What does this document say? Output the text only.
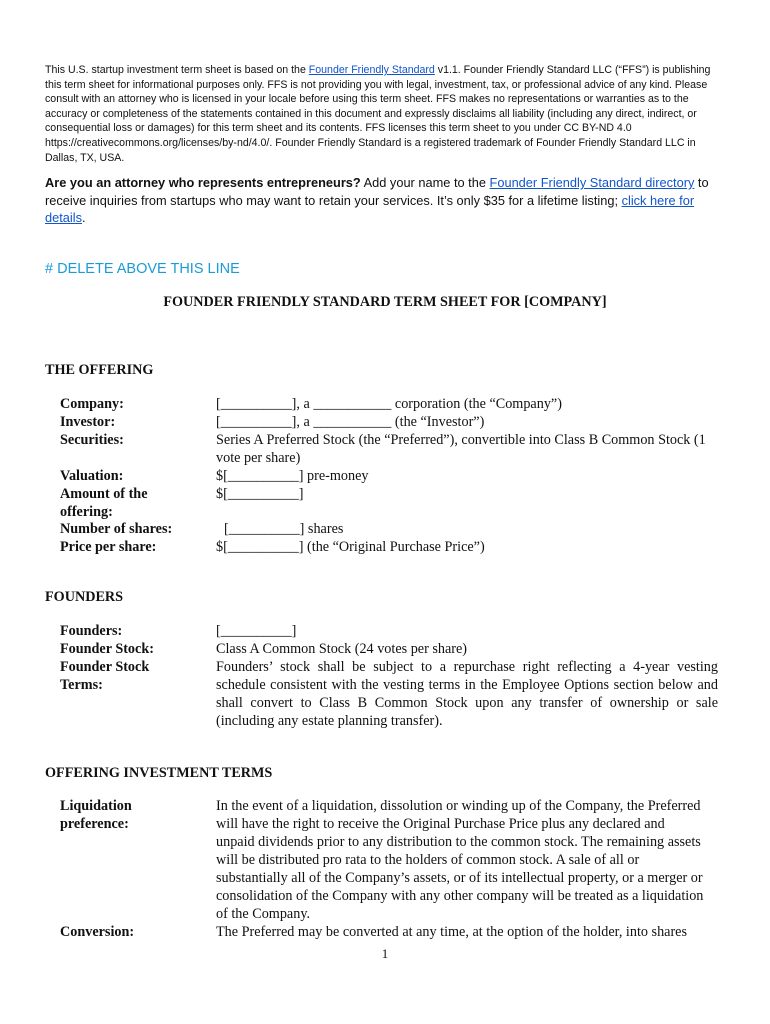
This U.S. startup investment term sheet is based on the Founder Friendly Standard v1.1. Founder Friendly Standard LLC (“FFS”) is publishing this term sheet for informational purposes only. FFS is not providing you with legal, investment, tax, or professional advice of any kind. Please consult with an attorney who is licensed in your locale before using this term sheet. FFS makes no representations or warranties as to the accuracy or completeness of the statements contained in this document and expressly disclaims all liability (including any direct, indirect, or consequential loss or damages) for this term sheet and its contents. FFS licenses this term sheet to you under CC BY-ND 4.0 https://creativecommons.org/licenses/by-nd/4.0/. Founder Friendly Standard is a registered trademark of Founder Friendly Standard LLC in Dallas, TX, USA.
Are you an attorney who represents entrepreneurs? Add your name to the Founder Friendly Standard directory to receive inquiries from startups who may want to retain your services. It’s only $35 for a lifetime listing; click here for details.
# DELETE ABOVE THIS LINE
FOUNDER FRIENDLY STANDARD TERM SHEET FOR [COMPANY]
THE OFFERING
Company:	[__________], a ___________ corporation (the “Company”)
Investor:	[__________], a ___________ (the “Investor”)
Securities:	Series A Preferred Stock (the “Preferred”), convertible into Class B Common Stock (1 vote per share)
Valuation:	$[__________] pre-money
Amount of the offering:
$[__________]
Number of shares:	[__________] shares
Price per share:	$[__________] (the “Original Purchase Price”)
FOUNDERS
Founders:	[__________]
Founder Stock:	Class A Common Stock (24 votes per share)
Founder Stock Terms:
Founders’ stock shall be subject to a repurchase right reflecting a 4-year vesting schedule consistent with the vesting terms in the Employee Options section below and shall convert to Class B Common Stock upon any transfer of ownership or sale (including any estate planning transfer).
OFFERING INVESTMENT TERMS
Liquidation preference:
In the event of a liquidation, dissolution or winding up of the Company, the Preferred will have the right to receive the Original Purchase Price plus any declared and unpaid dividends prior to any distribution to the common stock. The remaining assets will be distributed pro rata to the holders of common stock. A sale of all or substantially all of the Company’s assets, or of its intellectual property, or a merger or consolidation of the Company with any other company will be treated as a liquidation of the Company.
Conversion:	The Preferred may be converted at any time, at the option of the holder, into shares
1
